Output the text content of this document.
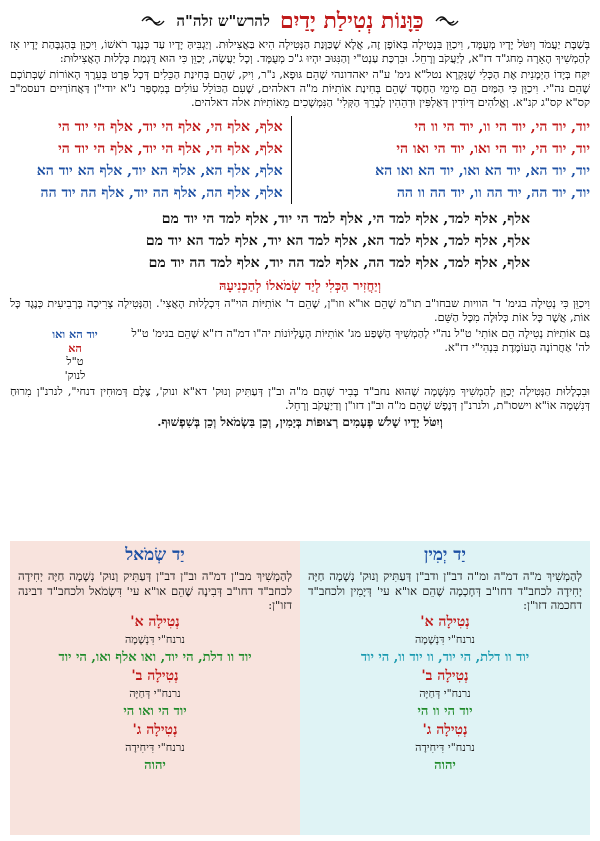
כַּוָּנוֹת נְטִילַת יָדַיִם
להרש"ש זלה"ה
בְּשַׁבָּת יַעֲמֹד וְיִטֹּל יָדָיו מְעֻמָּד, וִיכַוֵּן בִּנְטִילָה בְּאוֹפֶן זֶה, אֲלָא שֶׁכַּוָּנַת הַנְּטִילָה הִיא בַּאֲצִילוּת. וְיַגְבִּיהַּ יָדָיו עַד כְּנֶגֶד רֹאשׁוֹ, וִיכַוֵּן בְּהַגְבָּהַת יָדָיו אָז לְהַמְשִׁיךְ הֶאָרָה מֵחג"ד דז"א, לְיַעֲקֹב וְרָחֵל. וּבִרְכַּת עַנְט"י וְהַנִּגּוּב יִהְיוּ ג"כ מְעֻמָּד. וְכָל יַעֲשֶׂה, יְכַוֵּן כִּי הוּא דֻּגְמַת כְּלָלוּת הָאֲצִילוּת:
יִקַּח בְּיָדוֹ הַיְמָנִית אֶת הַכְּלִי שֶׁנִּקְרָא נטל"א גימ' ע"ה יאהדונהי שֶׁהֵם גּוּפָא, נ"ר, וִיק, שֶׁהֵם בְּחִינַת הַכֵּלִים דְּכָל פְּרָט בְּעֵרֶךְ הָאוֹרוֹת שֶׁבְּתוֹכָם שֶׁהֵם נה"י. וִיכַוֵּן כִּי הַמַּיִם הֵם מֵימֵי הַחֶסֶד שֶׁהֵם בְּחִינַת אוֹתִיּוֹת מ"ה דאלהים, שֶׁעִם הַכּוֹלֵל עוֹלִים בְּמִסְפַּר נ"א יודי"ן דַּאֲחוֹרַיִים דעסמ"ב קס"א קס"ג קנ"א. וְאֱלֹהִים דְּיוֹדִין דְּאַלְפִּין וּדְהֵהִין לְבָרֵךְ הַקְּלִי' הַנִּמְשָׁכִים מֵאוֹתִיּוֹת אלה דאלהים.
יוד, יוד הי, יוד הי וו, יוד הי וו הי
יוד, יוד הי, יוד הי ואו, יוד הי ואו הי
יוד, יוד הא, יוד הא ואו, יוד הא ואו הא
יוד, יוד הה, יוד הה וו, יוד הה וו הה
אלף, אלף הי, אלף הי יוד, אלף הי יוד הי
אלף, אלף הי, אלף הי יוד, אלף הי יוד הי
אלף, אלף הא, אלף הא יוד, אלף הא יוד הא
אלף, אלף הה, אלף הה יוד, אלף הה יוד הה
אלף, אלף למד, אלף למד הי, אלף למד הי יוד, אלף למד הי יוד מם
אלף, אלף למד, אלף למד הא, אלף למד הא יוד, אלף למד הא יוד מם
אלף, אלף למד, אלף למד הה, אלף למד הה יוד, אלף למד הה יוד מם
וְיַחֲזִיר הַכְּלִי לְיַד שְׂמֹאלוֹ לְהַכְנִיעָהּ
וִיכַוֵּן כִּי נְטִילָה בגימ' ד' הוויות שבחו"ב תו"מ שֶׁהֵם או"א וזו"ן, שֶׁהֵם ד' אוֹתִיּוֹת הוי"ה דִּכְלָלוּת הָאֲצִי'. וְהַנְּטִילָה צְרִיכָה בָּרְבִיעִית כְּנֶגֶד כָּל אוֹת, אֲשֶׁר כָּל אוֹת כְּלוּלָה מִכָּל הַשֵּׁם.
גַּם אוֹתִיּוֹת נְטִילָה הֵם אוֹתִי' ט"ל נה"י לְהַמְשִׁיךְ הַשֶּׁפַע מג' אוֹתִיּוֹת הָעֶלְיוֹנוֹת יה"ו דמ"ה דז"א שֶׁהֵם בגימ' ט"ל לה' אַחֲרוֹנָה הָעוֹמֶדֶת בִּנְהִי"י דז"א.
יוד הא ואו
הא
ט"ל
לנוק'
וּבִכְלָלוּת הַנְּטִילָה יְכַוֵּן לְהַמְשִׁיךְ מִנְּשָׁמָה שֶׁהוּא נחב"ד בָּבִיר שֶׁהֵם מ"ה וב"ן דְּעַתִּיק וְנוּק' דא"א ונוק', צֶלֶם דְּמוּחִין דנחי", לנרנ"ן מִרוּחַ דְּנִשְׁמָה אוֹ"א וישסו"ת, ולנרנ"ן דְּנֶפֶשׁ שֶׁהֵם מ"ה וב"ן דזו"ן וְדַיַעֲקֹב וְרָחֵל.
וְיִטֹּל יָדָיו שָׁלֹשׁ פְּעָמִים רְצוּפוֹת בְּיָמִין, וְכֵן בִּשְׂמֹאל וְכֵן בְּשִׁפְשׁוּף.
יַד יְמִין
לְהַמְשִׁיךְ מ"ה דמ"ה ומ"ה דב"ן ודב"ן דְּעַתִּיק וְנוּק' נְשָׁמָה חַיָּה יְחִידָה לכחב"ד דחו"ב דְּחָכְמָה שֶׁהֵם או"א עי' דְּיָמִין ולכחב"ד דחכמה דזו"ן:
נְטִילָה א'
נרנח"י דִּנְשָׁמָה
יוד וו דלת, הי יוד, וו יוד וו, הי יוד
נְטִילָה ב'
נרנח"י דְּחַיָּה
יוד הי וו הי
נְטִילָה ג'
נרנח"י דִּיחִידָה
יהוה
יַד שְׂמֹאל
לְהַמְשִׁיךְ מב"ן דמ"ה וב"ן דב"ן דְּעַתִּיק וְנוּק' נְשָׁמָה חַיָּה יְחִידָה לכחב"ד דחו"ב דְּבִינָה שֶׁהֵם או"א עי' דִּשְׂמֹאל ולכחב"ד דבינה דזו"ן:
נְטִילָה א'
נרנח"י דִּנְשָׁמָה
יוד וו דלת, הי יוד, ואו אלף ואו, הי יוד
נְטִילָה ב'
נרנח"י דְּחַיָּה
יוד הי ואו הי
נְטִילָה ג'
נרנח"י דִּיחִידָה
יהוה
